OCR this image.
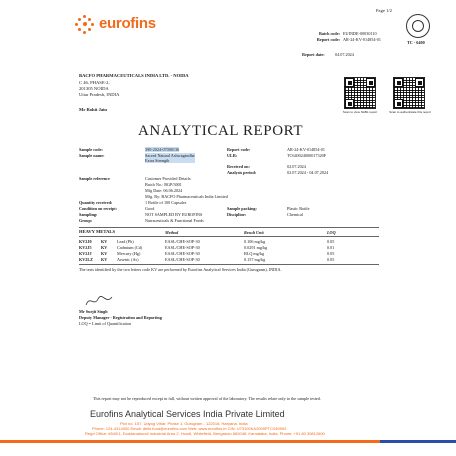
eurofins
Page 1/2
Batch code: EUINDE-00030110
Report code: AR-24-KV-014854-01
Report date: 04.07.2024
TC - 6400
BACFO PHARMACEUTICALS INDIA LTD. - NOIDA
C 46, PHASE-2,
201305 NOIDA
Uttar Pradesh, INDIA
Mr Rohit Jain	Scan to view NABL report	Scan to authenticate this report
ANALYTICAL REPORT
Sample code:	390-2024-07000136
Sample name:	Sacred Natural Ashwagandha Extra Strength
Sample reference	Customer Provided Details:
Batch No.: BGP/3001
Mfg Date: 06.06.2024
Mfg. By: BACFO Pharmaceuticals India Limited
Quantity received:	1 Bottle of 100 Capsules
Condition on receipt:	Good
Sampling:	NOT SAMPLED BY EUROFINS
Group:	Nutraceuticals & Functional Foods
Report code:	AR-24-KV-014854-01
ULR:	TC640024000017320F
Received on:	02.07.2024
Analysis period:	02.07.2024 - 04.07.2024
Sample packing:	Plastic Bottle
Discipline:	Chemical
HEAVY METALS	Method	Result Unit	LOQ
KV2J0 KV Lead (Pb)	EASL/CHE-SOP-30	0.106 mg/kg	0.05
KV2J5 KV Cadmium (Cd)	EASL/CHE-SOP-30	0.0291 mg/kg	0.01
KV2JJ KV Mercury (Hg)	EASL/CHE-SOP-30	BLQ mg/kg	0.05
KV2LZ KV Arsenic (As)	EASL/CHE-SOP-30	0.157 mg/kg	0.05
The tests identified by the two letters code KV are performed by Eurofins Analytical Services India (Gurugram), INDIA.
Mr Surjit Singh
Deputy Manager - Registration and Reporting
LOQ = Limit of Quantification
This report may not be reproduced except in full, without written approval of the laboratory. The results relate only to the sample tested.
Eurofins Analytical Services India Private Limited
Plot no. 157, Udyog Vihar, Phase 1, Gurugram - 122016, Haryana, India
Phone: 124-4314000 Email: delhi.food@eurofins.com Web: www.eurofins.in CIN: U73100KA2009PTC049992
Regd Office: #540/1, Doddanakundi Industrial Area 2, Hoodi, Whitefield, Bengaluru-560048, Karnataka, India. Phone: +91 80 30812600
